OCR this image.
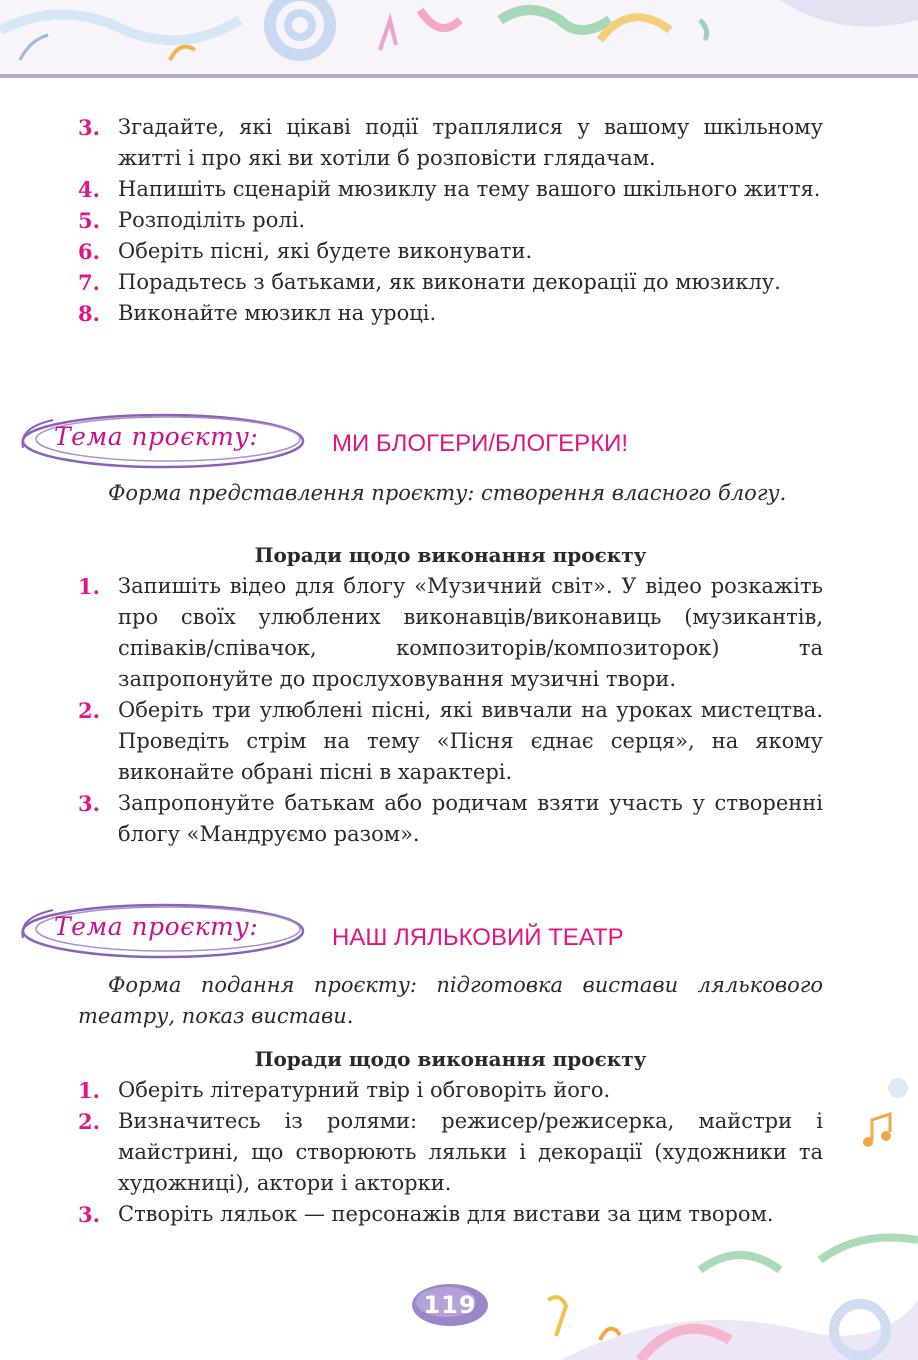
3. Згадайте, які цікаві події траплялися у вашому шкільному житті і про які ви хотіли б розповісти глядачам.
4. Напишіть сценарій мюзиклу на тему вашого шкільного життя.
5. Розподіліть ролі.
6. Оберіть пісні, які будете виконувати.
7. Порадьтесь з батьками, як виконати декорації до мюзиклу.
8. Виконайте мюзикл на уроці.
Тема проєкту:	МИ БЛОГЕРИ/БЛОГЕРКИ!
Форма представлення проєкту: створення власного блогу.
Поради щодо виконання проєкту
1. Запишіть відео для блогу «Музичний світ». У відео розкажіть про своїх улюблених виконавців/виконавиць (музикантів, співаків/співачок, композиторів/композиторок) та запропонуйте до прослуховування музичні твори.
2. Оберіть три улюблені пісні, які вивчали на уроках мистецтва. Проведіть стрім на тему «Пісня єднає серця», на якому виконайте обрані пісні в характері.
3. Запропонуйте батькам або родичам взяти участь у створенні блогу «Мандруємо разом».
Тема проєкту:	НАШ ЛЯЛЬКОВИЙ ТЕАТР
Форма подання проєкту: підготовка вистави лялькового театру, показ вистави.
Поради щодо виконання проєкту
1. Оберіть літературний твір і обговоріть його.
2. Визначитесь із ролями: режисер/режисерка, майстри і майстрині, що створюють ляльки і декорації (художники та художниці), актори і акторки.
3. Створіть ляльок — персонажів для вистави за цим твором.
119
